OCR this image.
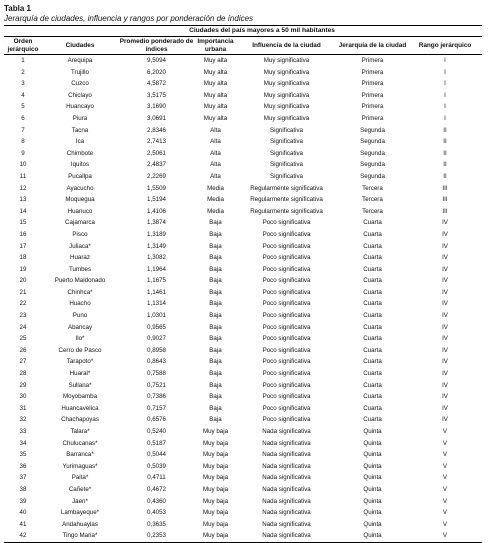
Tabla 1
Jerarquía de ciudades, influencia y rangos por ponderación de índices

	Ciudades del país mayores a 50 mil habitantes					
Orden jerárquico	Ciudades	Promedio ponderado de índices	Importancia urbana	Influencia de la ciudad	Jerarquía de la ciudad	Rango jerárquico
1	Arequipa	9,5094	Muy alta	Muy significativa	Primera	I
2	Trujillo	6,2020	Muy alta	Muy significativa	Primera	I
3	Cuzco	4,5872	Muy alta	Muy significativa	Primera	I
4	Chiclayo	3,5175	Muy alta	Muy significativa	Primera	I
5	Huancayo	3,1690	Muy alta	Muy significativa	Primera	I
6	Piura	3,0691	Muy alta	Muy significativa	Primera	I
7	Tacna	2,8346	Alta	Significativa	Segunda	II
8	Ica	2,7413	Alta	Significativa	Segunda	II
9	Chimbote	2,5061	Alta	Significativa	Segunda	II
10	Iquitos	2,4837	Alta	Significativa	Segunda	II
11	Pucallpa	2,2269	Alta	Significativa	Segunda	II
12	Ayacucho	1,5509	Media	Regularmente significativa	Tercera	III
13	Moquegua	1,5194	Media	Regularmente significativa	Tercera	III
14	Huanuco	1,4106	Media	Regularmente significativa	Tercera	III
15	Cajamarca	1,3874	Baja	Poco significativa	Cuarta	IV
16	Pisco	1,3189	Baja	Poco significativa	Cuarta	IV
17	Juliaca*	1,3149	Baja	Poco significativa	Cuarta	IV
18	Huaraz	1,3082	Baja	Poco significativa	Cuarta	IV
19	Tumbes	1,1964	Baja	Poco significativa	Cuarta	IV
20	Puerto Maldonado	1,1675	Baja	Poco significativa	Cuarta	IV
21	Chinhca*	1,1461	Baja	Poco significativa	Cuarta	IV
22	Huacho	1,1314	Baja	Poco significativa	Cuarta	IV
23	Puno	1,0301	Baja	Poco significativa	Cuarta	IV
24	Abancay	0,9565	Baja	Poco significativa	Cuarta	IV
25	Ilo*	0,9027	Baja	Poco significativa	Cuarta	IV
26	Cerro de Pasco	0,8958	Baja	Poco significativa	Cuarta	IV
27	Tarapoto*	0,8643	Baja	Poco significativa	Cuarta	IV
28	Huaral*	0,7588	Baja	Poco significativa	Cuarta	IV
29	Sullana*	0,7521	Baja	Poco significativa	Cuarta	IV
30	Moyobamba	0,7386	Baja	Poco significativa	Cuarta	IV
31	Huancavelica	0,7157	Baja	Poco significativa	Cuarta	IV
32	Chachapoyas	0,6576	Baja	Poco significativa	Cuarta	IV
33	Talara*	0,5240	Muy baja	Nada significativa	Quinta	V
34	Chulucanas*	0,5187	Muy baja	Nada significativa	Quinta	V
35	Barranca*	0,5044	Muy baja	Nada significativa	Quinta	V
36	Yurimaguas*	0,5039	Muy baja	Nada significativa	Quinta	V
37	Paita*	0,4711	Muy baja	Nada significativa	Quinta	V
38	Cañete*	0,4672	Muy baja	Nada significativa	Quinta	V
39	Jaen*	0,4360	Muy baja	Nada significativa	Quinta	V
40	Lambayeque*	0,4053	Muy baja	Nada significativa	Quinta	V
41	Andahuaylas	0,3635	Muy baja	Nada significativa	Quinta	V
42	Tingo Maria*	0,2353	Muy baja	Nada significativa	Quinta	V
